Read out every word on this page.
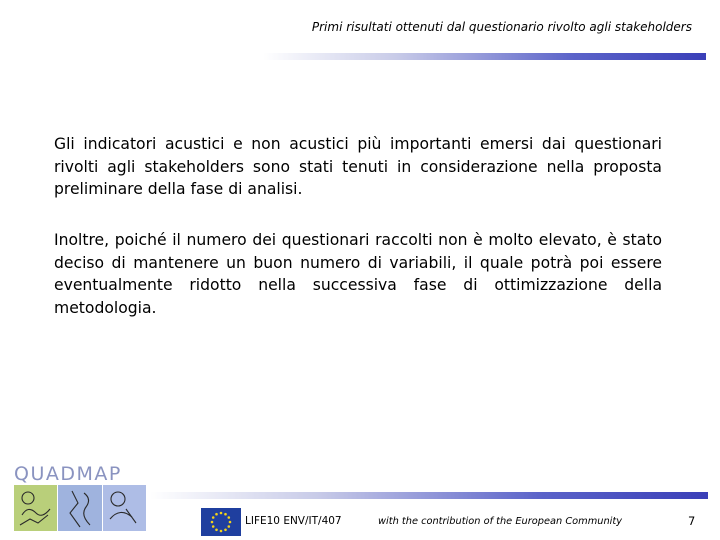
Primi risultati ottenuti dal questionario rivolto agli stakeholders
Gli indicatori acustici e non acustici più importanti emersi dai questionari rivolti agli stakeholders sono stati tenuti in considerazione nella proposta preliminare della fase di analisi.
Inoltre, poiché il numero dei questionari raccolti non è molto elevato, è stato deciso di mantenere un buon numero di variabili, il quale potrà poi essere eventualmente ridotto nella successiva fase di ottimizzazione della metodologia.
QUADMAP
LIFE10 ENV/IT/407	with the contribution of the European Community	7
